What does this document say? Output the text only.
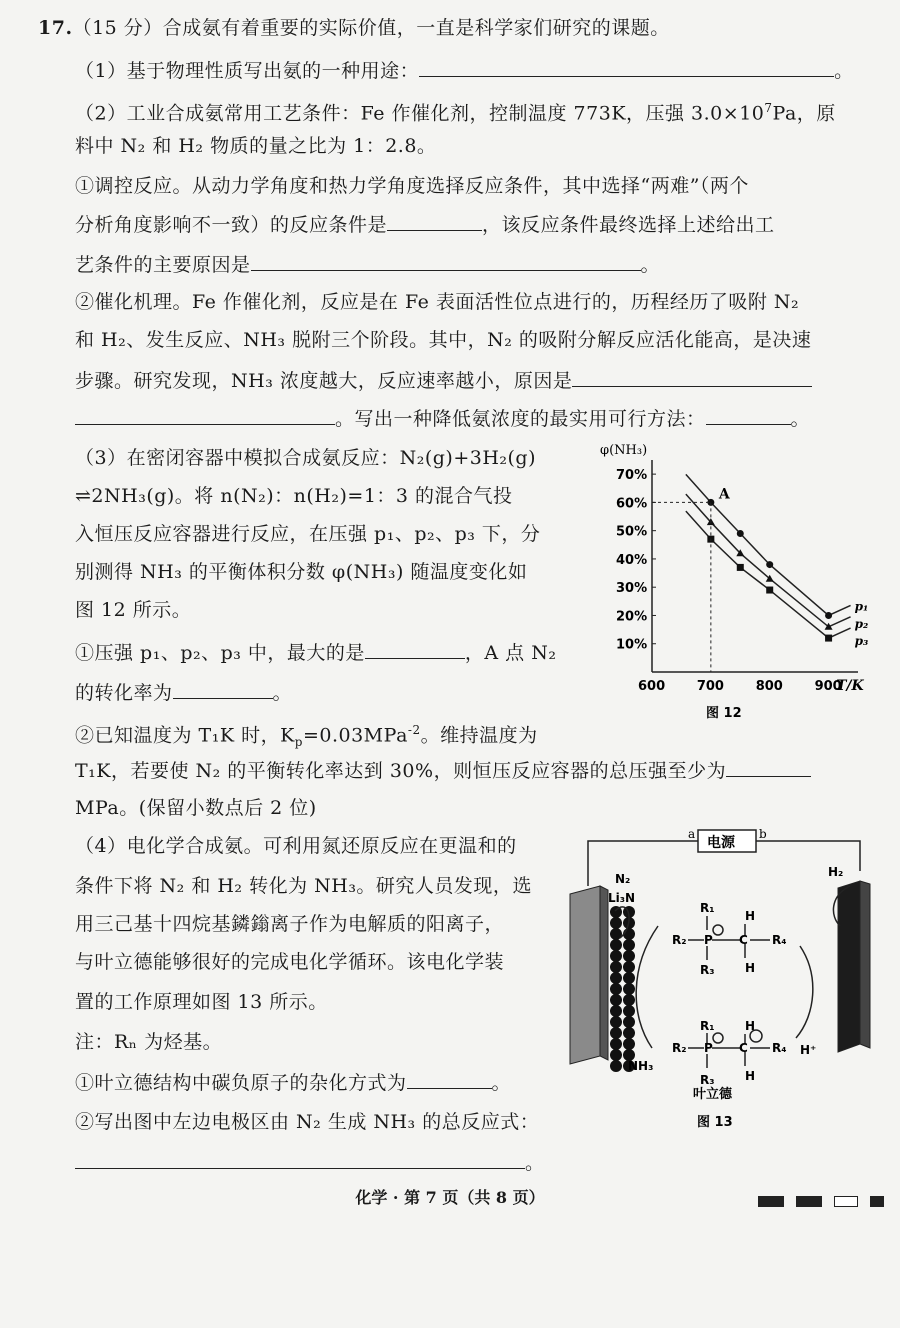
17.（15 分）合成氨有着重要的实际价值，一直是科学家们研究的课题。
（1）基于物理性质写出氨的一种用途：	。
（2）工业合成氨常用工艺条件：Fe 作催化剂，控制温度 773K，压强 $3.0\times 10^7Pa$，原
料中 N₂ 和 H₂ 物质的量之比为 1：2.8。
①调控反应。从动力学角度和热力学角度选择反应条件，其中选择“两难”（两个
分析角度影响不一致）的反应条件是	，该反应条件最终选择上述给出工
艺条件的主要原因是	。
②催化机理。Fe 作催化剂，反应是在 Fe 表面活性位点进行的，历程经历了吸附 N₂
和 H₂、发生反应、NH₃ 脱附三个阶段。其中，N₂ 的吸附分解反应活化能高，是决速
步骤。研究发现，NH₃ 浓度越大，反应速率越小，原因是
。写出一种降低氨浓度的最实用可行方法：	。
（3）在密闭容器中模拟合成氨反应：N₂(g)+3H₂(g)
⇌2NH₃(g)。将 n(N₂)：n(H₂)=1：3 的混合气投
入恒压反应容器进行反应，在压强 p₁、p₂、p₃ 下，分
别测得 NH₃ 的平衡体积分数 φ(NH₃) 随温度变化如
图 12 所示。
①压强 p₁、p₂、p₃ 中，最大的是	，A 点 N₂
的转化率为	。
②已知温度为 T₁K 时，$K_p=0.03MPa^{-2}$。维持温度为
T₁K，若要使 N₂ 的平衡转化率达到 30%，则恒压反应容器的总压强至少为
MPa。(保留小数点后 2 位)
（4）电化学合成氨。可利用氮还原反应在更温和的
条件下将 N₂ 和 H₂ 转化为 NH₃。研究人员发现，选
用三己基十四烷基鏻鎓离子作为电解质的阳离子，
与叶立德能够很好的完成电化学循环。该电化学装
置的工作原理如图 13 所示。
注：Rₙ 为烃基。
①叶立德结构中碳负原子的杂化方式为	。
②写出图中左边电极区由 N₂ 生成 NH₃ 的总反应式：
。
φ(NH₃)
70%
60%
50%
40%
30%
20%
10%
600 700 800 900
T/K
p₁
p₂
p₃
A
图 12
电源
a	b
N₂
Li₃N
NH₃
H₂
H⁺
R₁
R₂
R₃
R₄
H
H
R₁
R₂
R₃
R₄
H
H
P C
P C
叶立德
图 13
化学 · 第 7 页（共 8 页）
